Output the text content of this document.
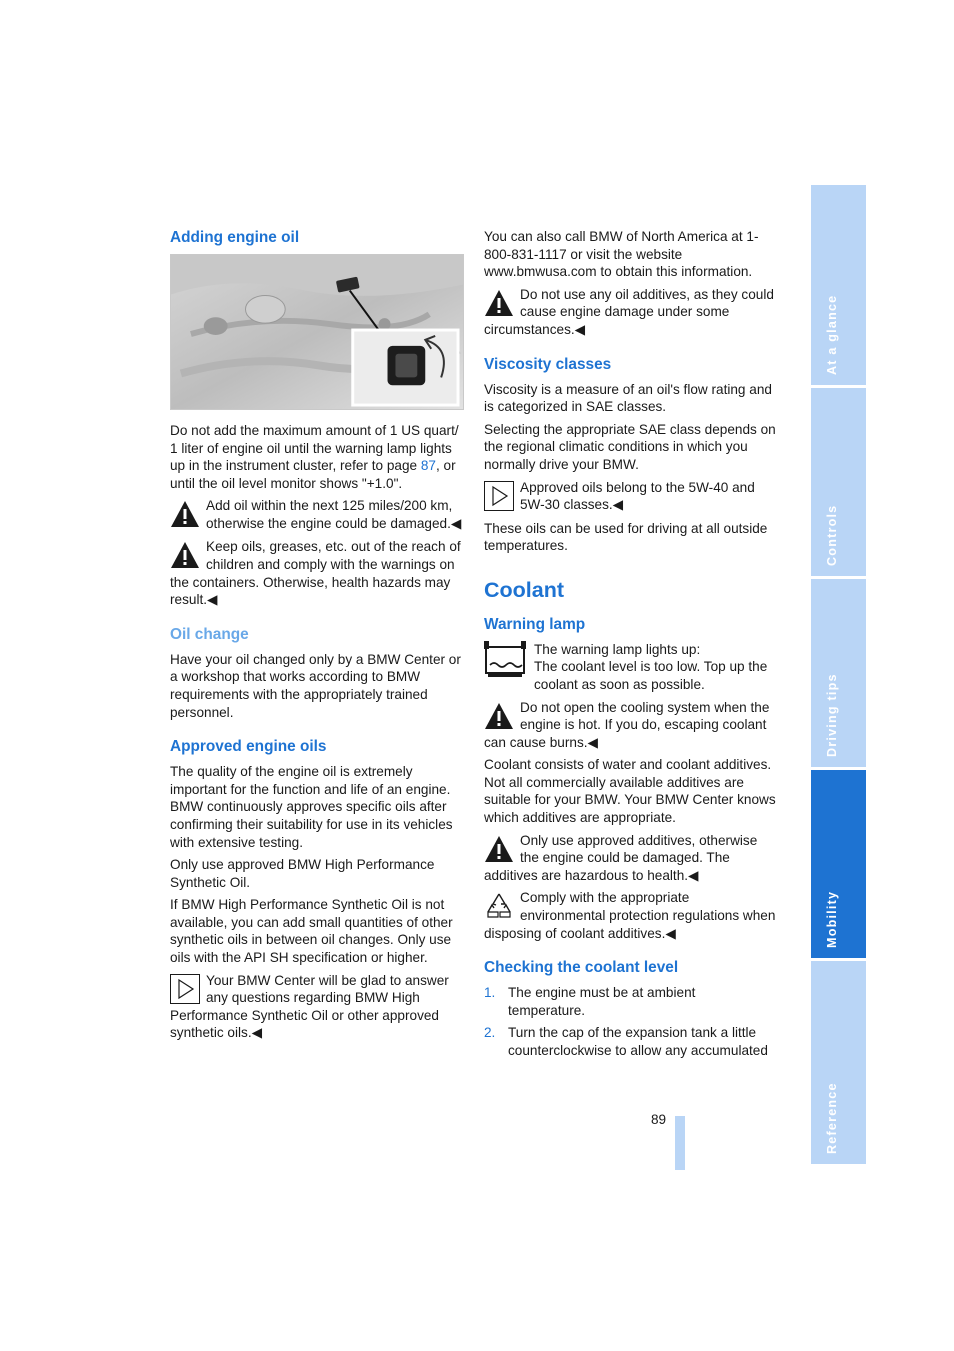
Adding engine oil

Do not add the maximum amount of 1 US quart/ 1 liter of engine oil until the warning lamp lights up in the instrument cluster, refer to page 87, or until the oil level monitor shows "+1.0".

Add oil within the next 125 miles/200 km, otherwise the engine could be damaged.◀

Keep oils, greases, etc. out of the reach of children and comply with the warnings on the containers. Otherwise, health hazards may result.◀

Oil change

Have your oil changed only by a BMW Center or a workshop that works according to BMW requirements with the appropriately trained personnel.

Approved engine oils

The quality of the engine oil is extremely important for the function and life of an engine. BMW continuously approves specific oils after confirming their suitability for use in its vehicles with extensive testing.

Only use approved BMW High Performance Synthetic Oil.

If BMW High Performance Synthetic Oil is not available, you can add small quantities of other synthetic oils in between oil changes. Only use oils with the API SH specification or higher.

Your BMW Center will be glad to answer any questions regarding BMW High Performance Synthetic Oil or other approved synthetic oils.◀

You can also call BMW of North America at 1-800-831-1117 or visit the website www.bmwusa.com to obtain this information.

Do not use any oil additives, as they could cause engine damage under some circumstances.◀

Viscosity classes

Viscosity is a measure of an oil's flow rating and is categorized in SAE classes.

Selecting the appropriate SAE class depends on the regional climatic conditions in which you normally drive your BMW.

Approved oils belong to the 5W-40 and 5W-30 classes.◀

These oils can be used for driving at all outside temperatures.

Coolant
Warning lamp

The warning lamp lights up:

The coolant level is too low. Top up the coolant as soon as possible.

Do not open the cooling system when the engine is hot. If you do, escaping coolant can cause burns.◀

Coolant consists of water and coolant additives. Not all commercially available additives are suitable for your BMW. Your BMW Center knows which additives are appropriate.

Only use approved additives, otherwise the engine could be damaged. The additives are hazardous to health.◀

Comply with the appropriate environmental protection regulations when disposing of coolant additives.◀

Checking the coolant level
1. The engine must be at ambient temperature.
2. Turn the cap of the expansion tank a little counterclockwise to allow any accumulated
At a glance
Controls
Driving tips
Mobility
Reference
89
